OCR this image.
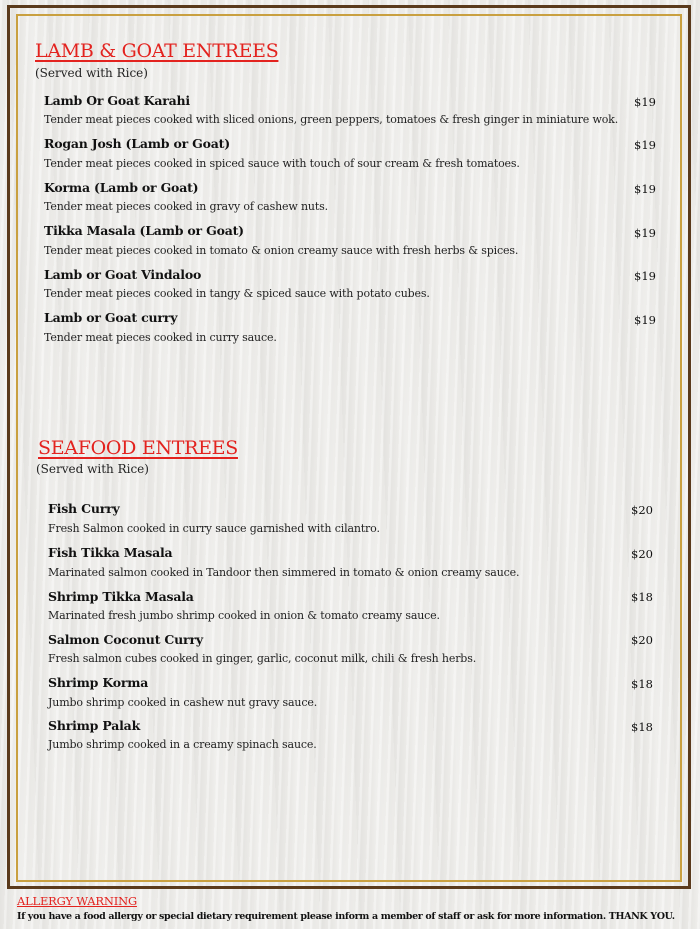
LAMB & GOAT ENTREES
(Served with Rice)
Lamb Or Goat Karahi	$19
Tender meat pieces cooked with sliced onions, green peppers, tomatoes & fresh ginger in miniature wok.
Rogan Josh (Lamb or Goat)	$19
Tender meat pieces cooked in spiced sauce with touch of sour cream & fresh tomatoes.
Korma (Lamb or Goat)	$19
Tender meat pieces cooked in gravy of cashew nuts.
Tikka Masala (Lamb or Goat)	$19
Tender meat pieces cooked in tomato & onion creamy sauce with fresh herbs & spices.
Lamb or Goat Vindaloo	$19
Tender meat pieces cooked in tangy & spiced sauce with potato cubes.
Lamb or Goat curry	$19
Tender meat pieces cooked in curry sauce.
SEAFOOD ENTREES
(Served with Rice)
Fish Curry	$20
Fresh Salmon cooked in curry sauce garnished with cilantro.
Fish Tikka Masala	$20
Marinated salmon cooked in Tandoor then simmered in tomato & onion creamy sauce.
Shrimp Tikka Masala	$18
Marinated fresh jumbo shrimp cooked in onion & tomato creamy sauce.
Salmon Coconut Curry	$20
Fresh salmon cubes cooked in ginger, garlic, coconut milk, chili & fresh herbs.
Shrimp Korma	$18
Jumbo shrimp cooked in cashew nut gravy sauce.
Shrimp Palak	$18
Jumbo shrimp cooked in a creamy spinach sauce.
ALLERGY WARNING
If you have a food allergy or special dietary requirement please inform a member of staff or ask for more information. THANK YOU.
